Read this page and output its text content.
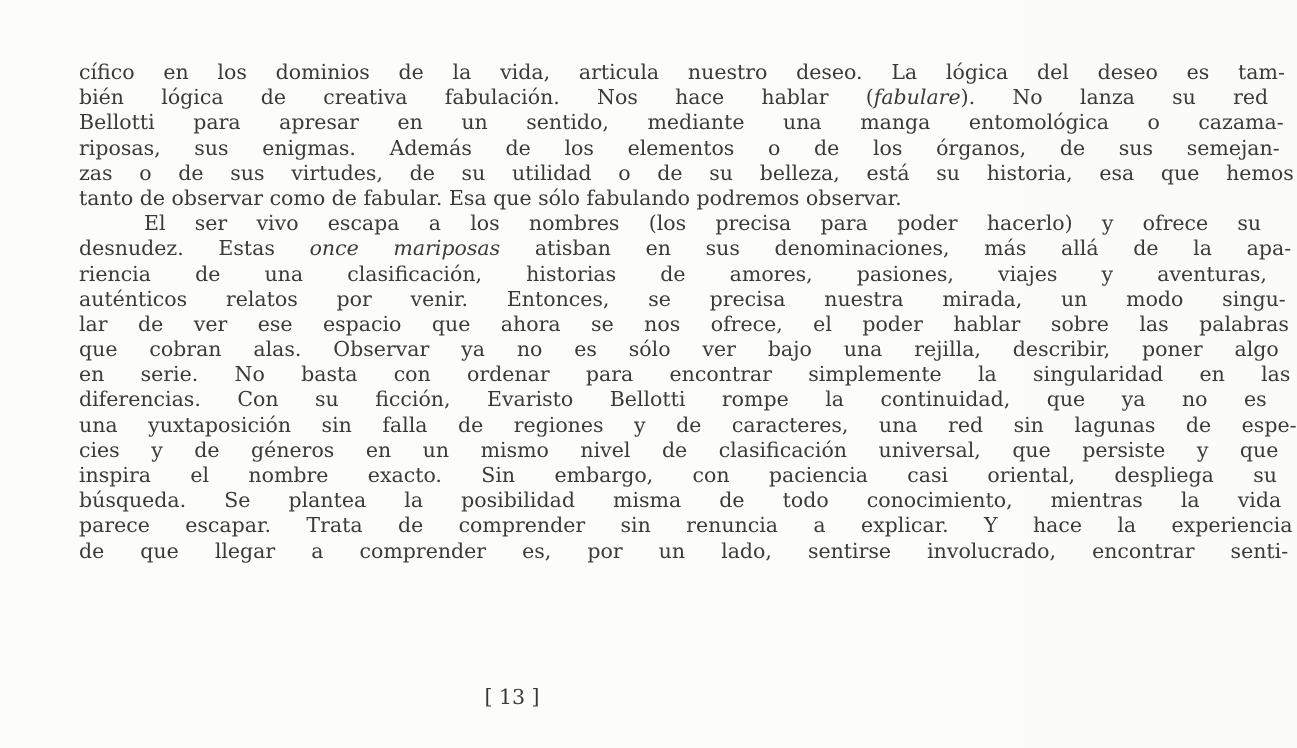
cífico en los dominios de la vida, articula nuestro deseo. La lógica del deseo es tam-
bién lógica de creativa fabulación. Nos hace hablar (fabulare). No lanza su red
Bellotti para apresar en un sentido, mediante una manga entomológica o cazama-
riposas, sus enigmas. Además de los elementos o de los órganos, de sus semejan-
zas o de sus virtudes, de su utilidad o de su belleza, está su historia, esa que hemos
tanto de observar como de fabular. Esa que sólo fabulando podremos observar.
El ser vivo escapa a los nombres (los precisa para poder hacerlo) y ofrece su
desnudez. Estas once mariposas atisban en sus denominaciones, más allá de la apa-
riencia de una clasificación, historias de amores, pasiones, viajes y aventuras,
auténticos relatos por venir. Entonces, se precisa nuestra mirada, un modo singu-
lar de ver ese espacio que ahora se nos ofrece, el poder hablar sobre las palabras
que cobran alas. Observar ya no es sólo ver bajo una rejilla, describir, poner algo
en serie. No basta con ordenar para encontrar simplemente la singularidad en las
diferencias. Con su ficción, Evaristo Bellotti rompe la continuidad, que ya no es
una yuxtaposición sin falla de regiones y de caracteres, una red sin lagunas de espe-
cies y de géneros en un mismo nivel de clasificación universal, que persiste y que
inspira el nombre exacto. Sin embargo, con paciencia casi oriental, despliega su
búsqueda. Se plantea la posibilidad misma de todo conocimiento, mientras la vida
parece escapar. Trata de comprender sin renuncia a explicar. Y hace la experiencia
de que llegar a comprender es, por un lado, sentirse involucrado, encontrar senti-
[ 13 ]
